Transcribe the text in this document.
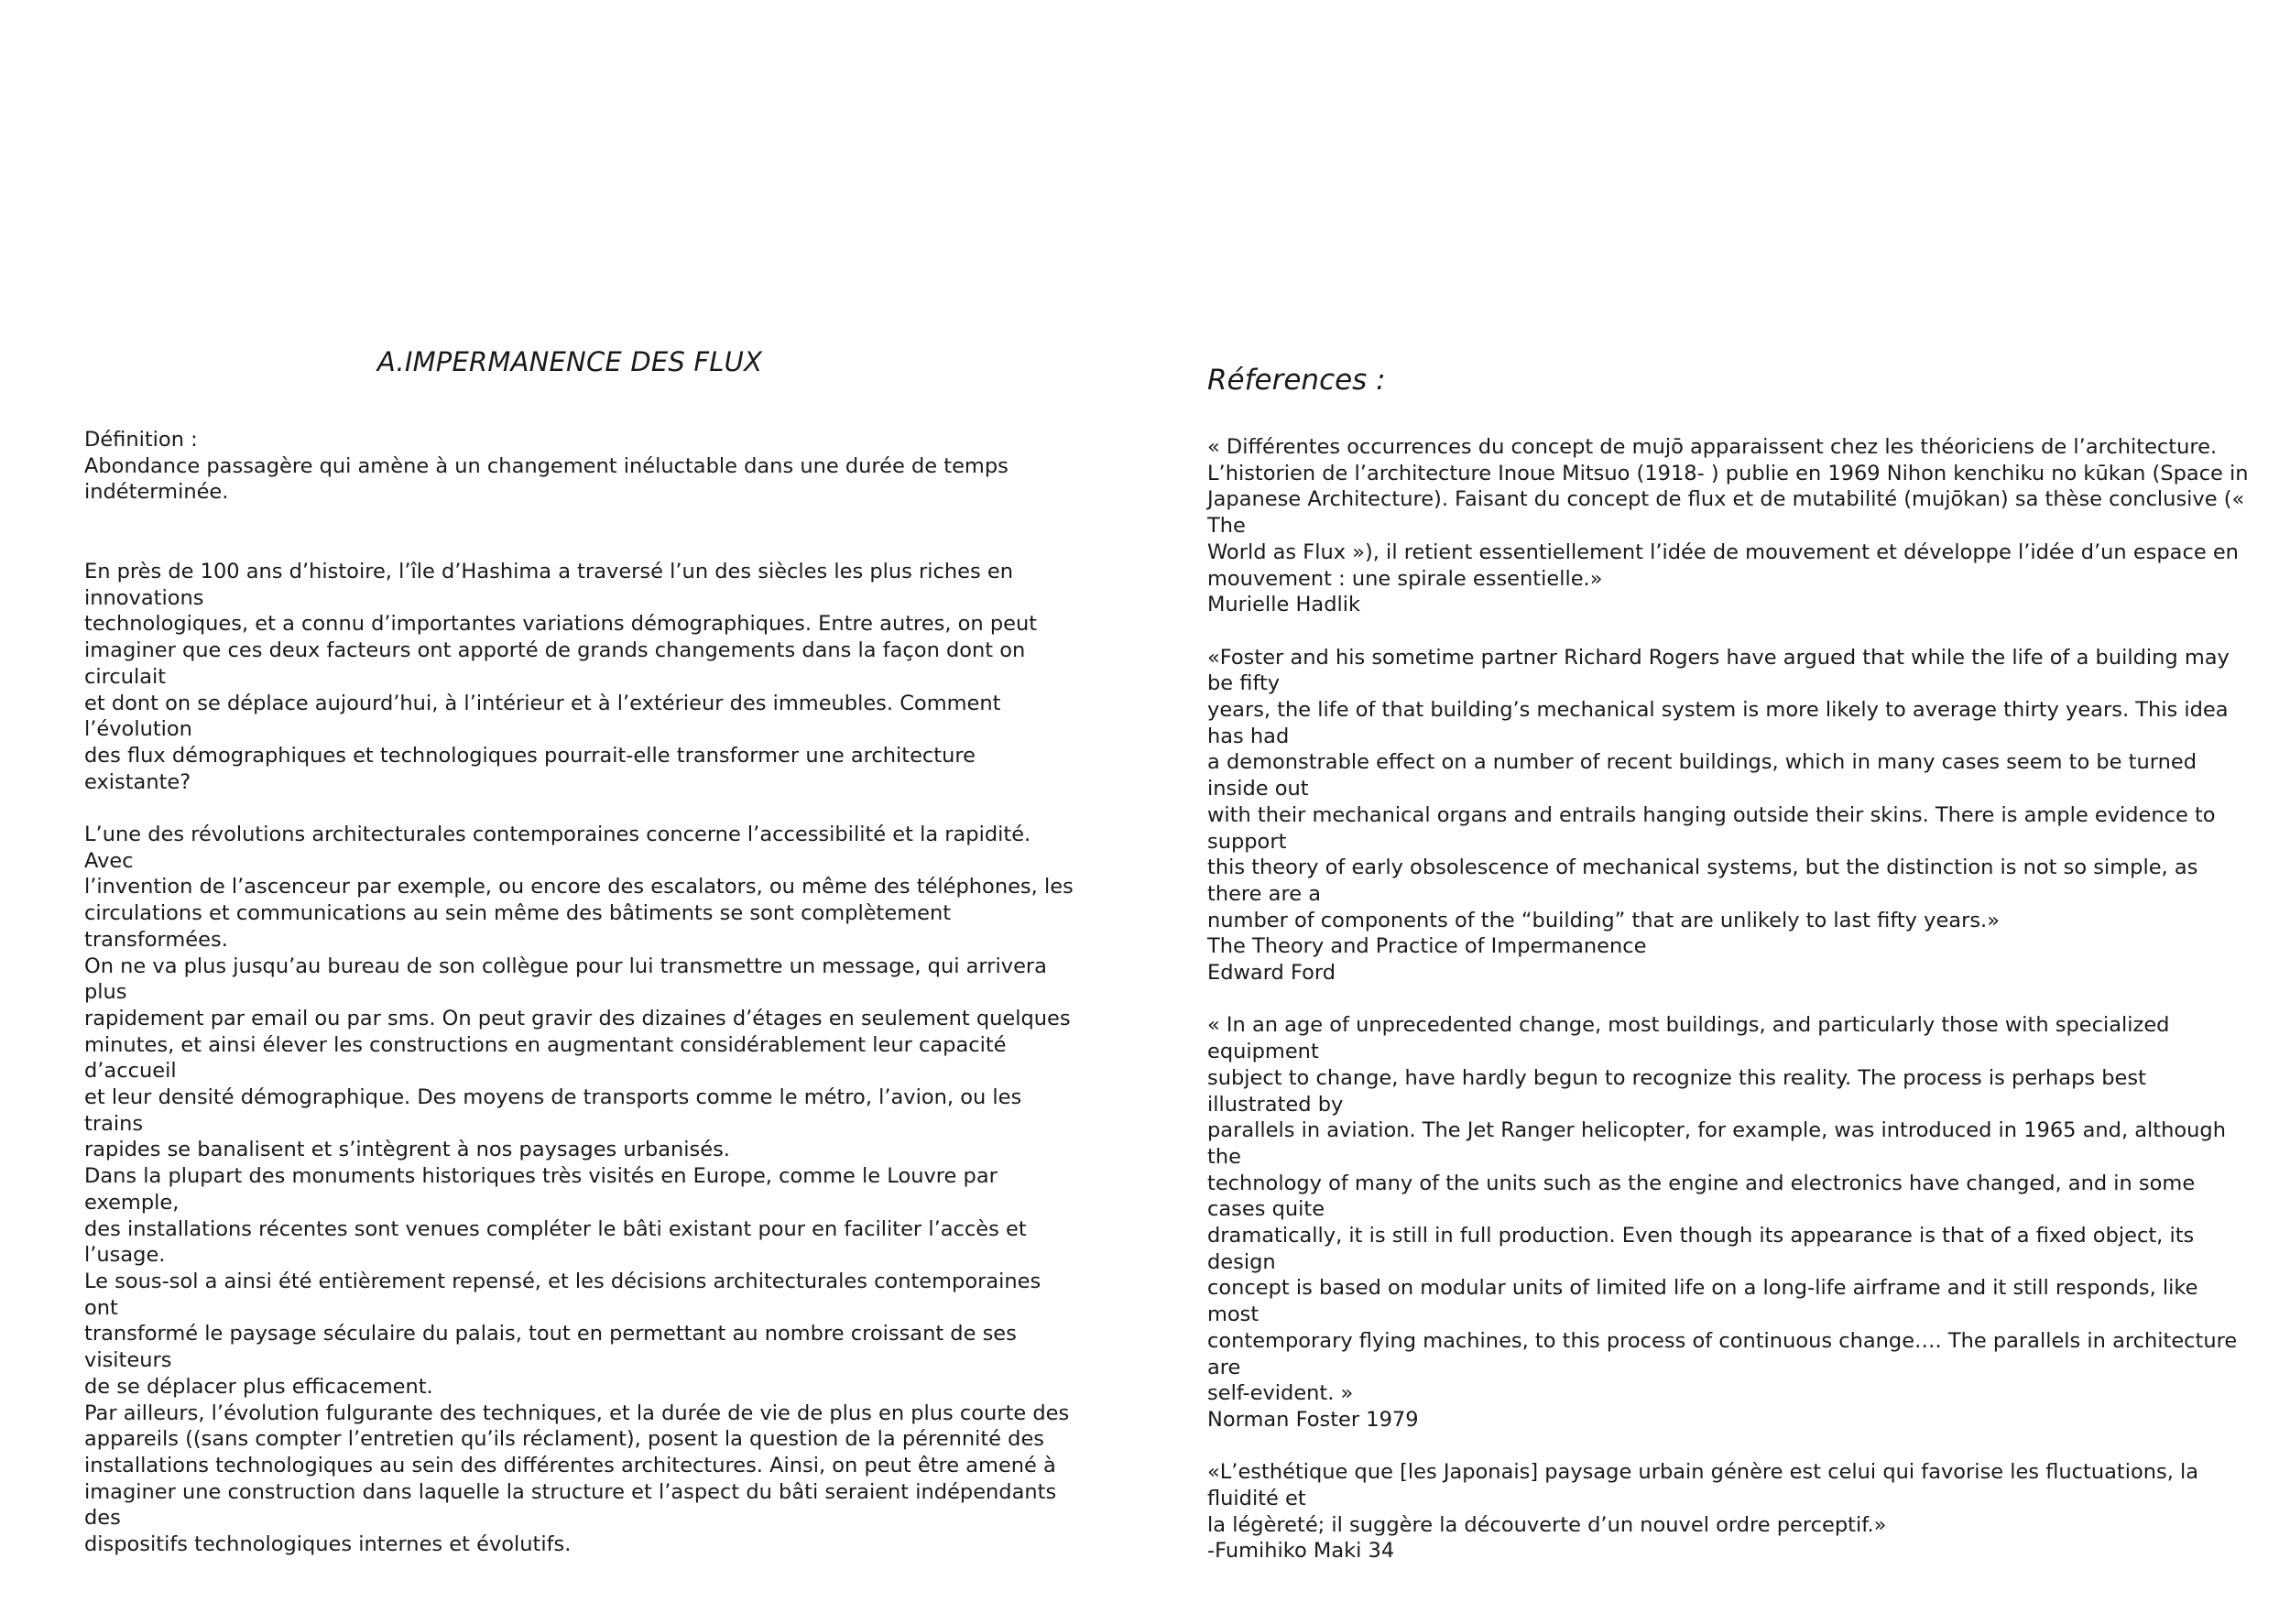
A.IMPERMANENCE DES FLUX

Définition :
Abondance passagère qui amène à un changement inéluctable dans une durée de temps
indéterminée.

En près de 100 ans d’histoire, l’île d’Hashima a traversé l’un des siècles les plus riches en innovations
technologiques, et a connu d’importantes variations démographiques. Entre autres, on peut
imaginer que ces deux facteurs ont apporté de grands changements dans la façon dont on circulait
et dont on se déplace aujourd’hui, à l’intérieur et à l’extérieur des immeubles. Comment l’évolution
des flux démographiques et technologiques pourrait-elle transformer une architecture existante?

L’une des révolutions architecturales contemporaines concerne l’accessibilité et la rapidité. Avec
l’invention de l’ascenceur par exemple, ou encore des escalators, ou même des téléphones, les
circulations et communications au sein même des bâtiments se sont complètement transformées.
On ne va plus jusqu’au bureau de son collègue pour lui transmettre un message, qui arrivera plus
rapidement par email ou par sms. On peut gravir des dizaines d’étages en seulement quelques
minutes, et ainsi élever les constructions en augmentant considérablement leur capacité d’accueil
et leur densité démographique. Des moyens de transports comme le métro, l’avion, ou les trains
rapides se banalisent et s’intègrent à nos paysages urbanisés.
Dans la plupart des monuments historiques très visités en Europe, comme le Louvre par exemple,
des installations récentes sont venues compléter le bâti existant pour en faciliter l’accès et l’usage.
Le sous-sol a ainsi été entièrement repensé, et les décisions architecturales contemporaines ont
transformé le paysage séculaire du palais, tout en permettant au nombre croissant de ses visiteurs
de se déplacer plus efficacement.
Par ailleurs, l’évolution fulgurante des techniques, et la durée de vie de plus en plus courte des
appareils ((sans compter l’entretien qu’ils réclament), posent la question de la pérennité des
installations technologiques au sein des différentes architectures. Ainsi, on peut être amené à
imaginer une construction dans laquelle la structure et l’aspect du bâti seraient indépendants des
dispositifs technologiques internes et évolutifs.

Réferences :

« Différentes occurrences du concept de mujō apparaissent chez les théoriciens de l’architecture.
L’historien de l’architecture Inoue Mitsuo (1918- ) publie en 1969 Nihon kenchiku no kūkan (Space in
Japanese Architecture). Faisant du concept de flux et de mutabilité (mujōkan) sa thèse conclusive (« The
World as Flux »), il retient essentiellement l’idée de mouvement et développe l’idée d’un espace en
mouvement : une spirale essentielle.»
Murielle Hadlik

«Foster and his sometime partner Richard Rogers have argued that while the life of a building may be fifty
years, the life of that building’s mechanical system is more likely to average thirty years. This idea has had
a demonstrable effect on a number of recent buildings, which in many cases seem to be turned inside out
with their mechanical organs and entrails hanging outside their skins. There is ample evidence to support
this theory of early obsolescence of mechanical systems, but the distinction is not so simple, as there are a
number of components of the “building” that are unlikely to last fifty years.»
The Theory and Practice of Impermanence
Edward Ford

« In an age of unprecedented change, most buildings, and particularly those with specialized equipment
subject to change, have hardly begun to recognize this reality. The process is perhaps best illustrated by
parallels in aviation. The Jet Ranger helicopter, for example, was introduced in 1965 and, although the
technology of many of the units such as the engine and electronics have changed, and in some cases quite
dramatically, it is still in full production. Even though its appearance is that of a fixed object, its design
concept is based on modular units of limited life on a long-life airframe and it still responds, like most
contemporary flying machines, to this process of continuous change…. The parallels in architecture are
self-evident. »
Norman Foster 1979

«L’esthétique que [les Japonais] paysage urbain génère est celui qui favorise les fluctuations, la fluidité et
la légèreté; il suggère la découverte d’un nouvel ordre perceptif.»
-Fumihiko Maki 34
